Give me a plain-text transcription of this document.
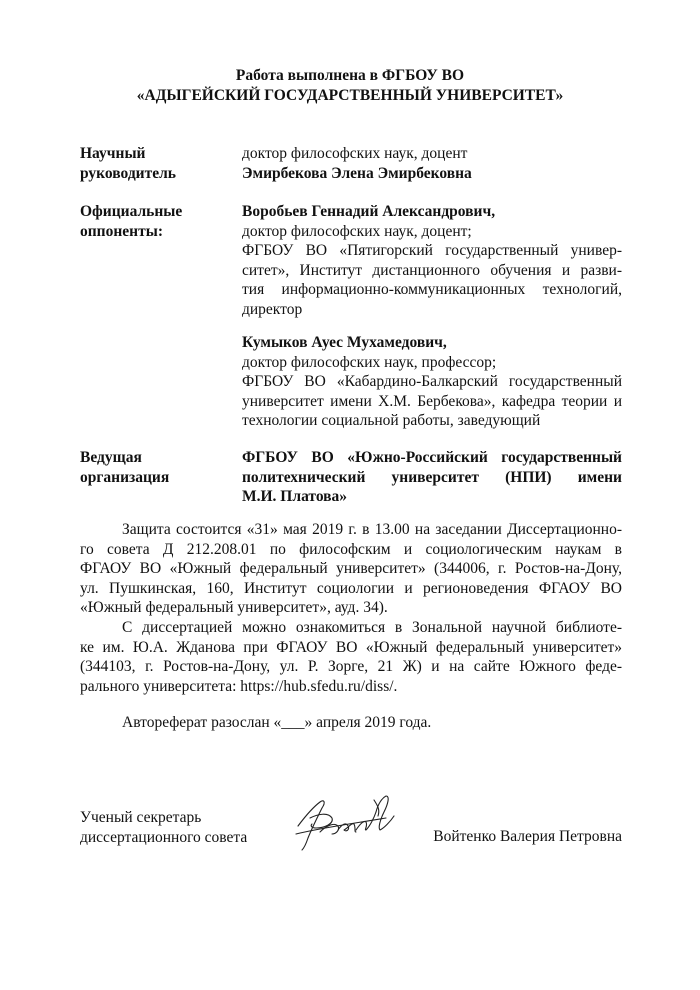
Работа выполнена в ФГБОУ ВО
«АДЫГЕЙСКИЙ ГОСУДАРСТВЕННЫЙ УНИВЕРСИТЕТ»
Научный
руководитель
доктор философских наук, доцент
Эмирбекова Элена Эмирбековна
Официальные
оппоненты:
Воробьев Геннадий Александрович,
доктор философских наук, доцент;
ФГБОУ ВО «Пятигорский государственный универ-
ситет», Институт дистанционного обучения и разви-
тия информационно-коммуникационных технологий,
директор
Кумыков Ауес Мухамедович,
доктор философских наук, профессор;
ФГБОУ ВО «Кабардино-Балкарский государственный
университет имени Х.М. Бербекова», кафедра теории и
технологии социальной работы, заведующий
Ведущая
организация
ФГБОУ ВО «Южно-Российский государственный
политехнический университет (НПИ) имени
М.И. Платова»
Защита состоится «31» мая 2019 г. в 13.00 на заседании Диссертационно-
го совета Д 212.208.01 по философским и социологическим наукам в
ФГАОУ ВО «Южный федеральный университет» (344006, г. Ростов-на-Дону,
ул. Пушкинская, 160, Институт социологии и регионоведения ФГАОУ ВО
«Южный федеральный университет», ауд. 34).
С диссертацией можно ознакомиться в Зональной научной библиоте-
ке им. Ю.А. Жданова при ФГАОУ ВО «Южный федеральный университет»
(344103, г. Ростов-на-Дону, ул. Р. Зорге, 21 Ж) и на сайте Южного феде-
рального университета: https://hub.sfedu.ru/diss/.
Автореферат разослан «___» апреля 2019 года.
Ученый секретарь
диссертационного совета	Войтенко Валерия Петровна
